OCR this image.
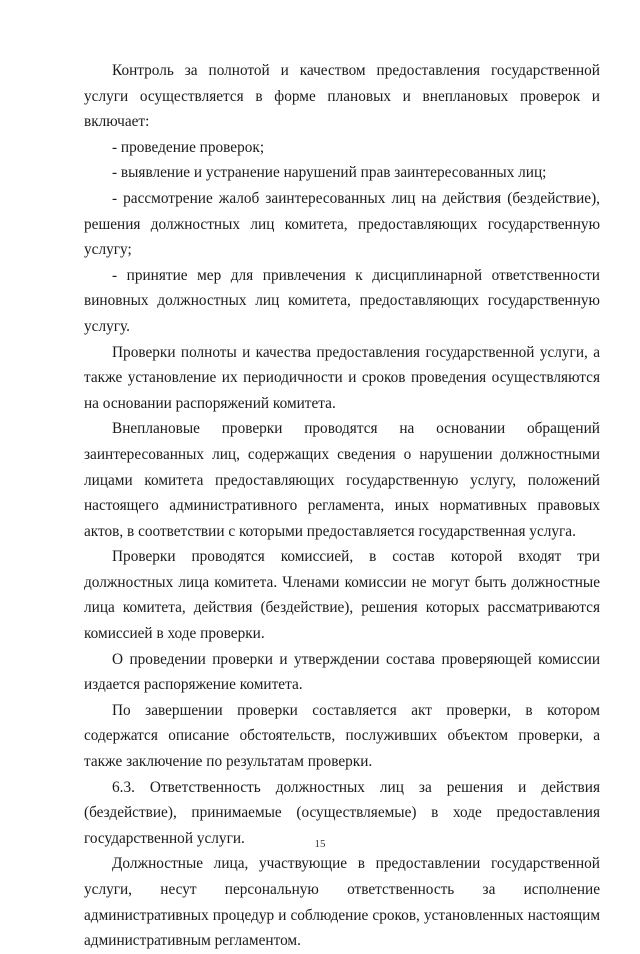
Контроль за полнотой и качеством предоставления государственной услуги осуществляется в форме плановых и внеплановых проверок и включает:

- проведение проверок;

- выявление и устранение нарушений прав заинтересованных лиц;

- рассмотрение жалоб заинтересованных лиц на действия (бездействие), решения должностных лиц комитета, предоставляющих государственную услугу;

- принятие мер для привлечения к дисциплинарной ответственности виновных должностных лиц комитета, предоставляющих государственную услугу.

Проверки полноты и качества предоставления государственной услуги, а также установление их периодичности и сроков проведения осуществляются на основании распоряжений комитета.

Внеплановые проверки проводятся на основании обращений заинтересованных лиц, содержащих сведения о нарушении должностными лицами комитета предоставляющих государственную услугу, положений настоящего административного регламента, иных нормативных правовых актов, в соответствии с которыми предоставляется государственная услуга.

Проверки проводятся комиссией, в состав которой входят три должностных лица комитета. Членами комиссии не могут быть должностные лица комитета, действия (бездействие), решения которых рассматриваются комиссией в ходе проверки.

О проведении проверки и утверждении состава проверяющей комиссии издается распоряжение комитета.

По завершении проверки составляется акт проверки, в котором содержатся описание обстоятельств, послуживших объектом проверки, а также заключение по результатам проверки.

6.3. Ответственность должностных лиц за решения и действия (бездействие), принимаемые (осуществляемые) в ходе предоставления государственной услуги.

Должностные лица, участвующие в предоставлении государственной услуги, несут персональную ответственность за исполнение административных процедур и соблюдение сроков, установленных настоящим административным регламентом.

15
